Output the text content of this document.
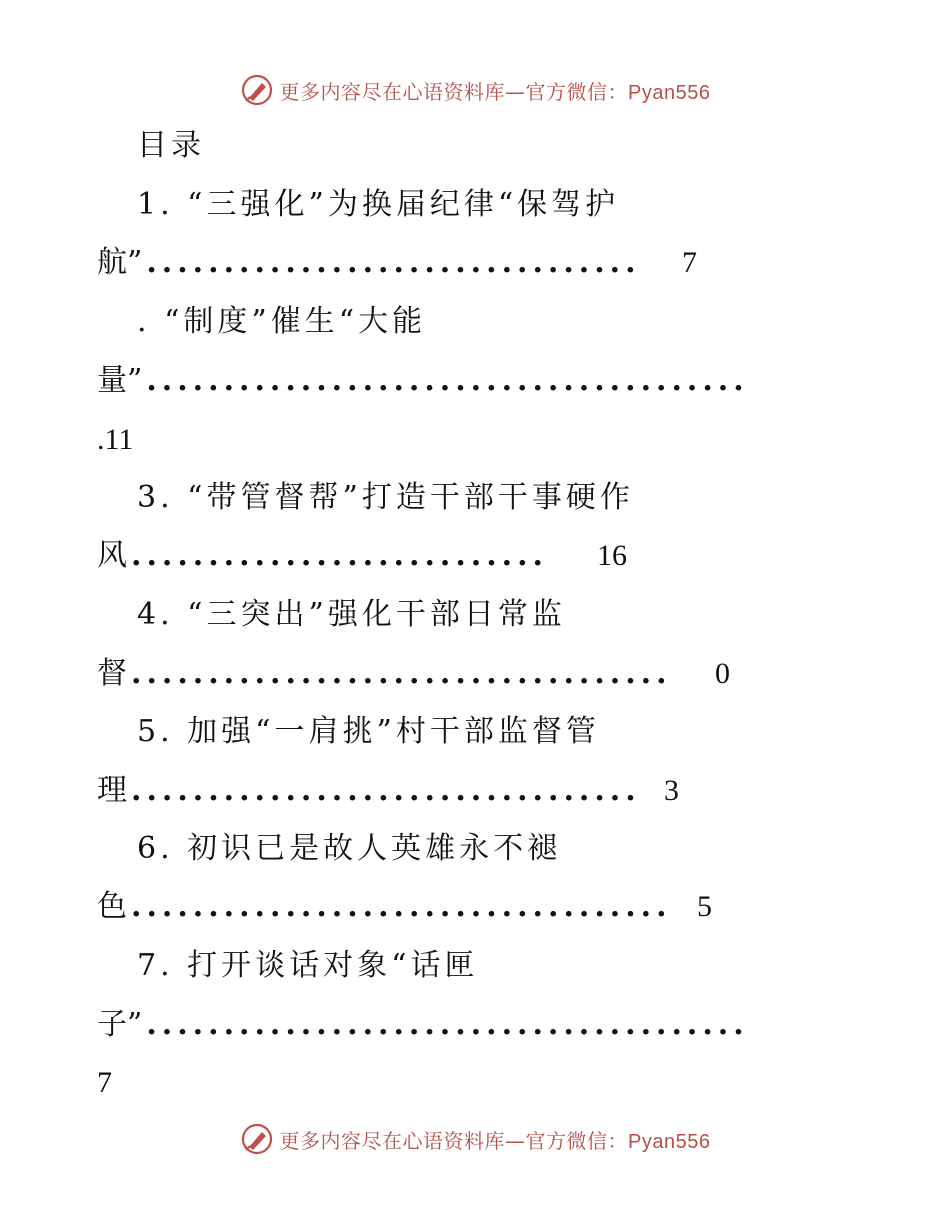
更多内容尽在心语资料库—官方微信：Pyan556
目录
1. “三强化”为换届纪律“保驾护
航” ................................	7
. “制度”催生“大能
量” .......................................
.11
3. “带管督帮”打造干部干事硬作
风 ...........................	16
4. “三突出”强化干部日常监
督 ...................................	0
5. 加强“一肩挑”村干部监督管
理 ................................. 3
6. 初识已是故人英雄永不褪
色 ................................... 5
7. 打开谈话对象“话匣
子” .......................................
7
更多内容尽在心语资料库—官方微信：Pyan556
